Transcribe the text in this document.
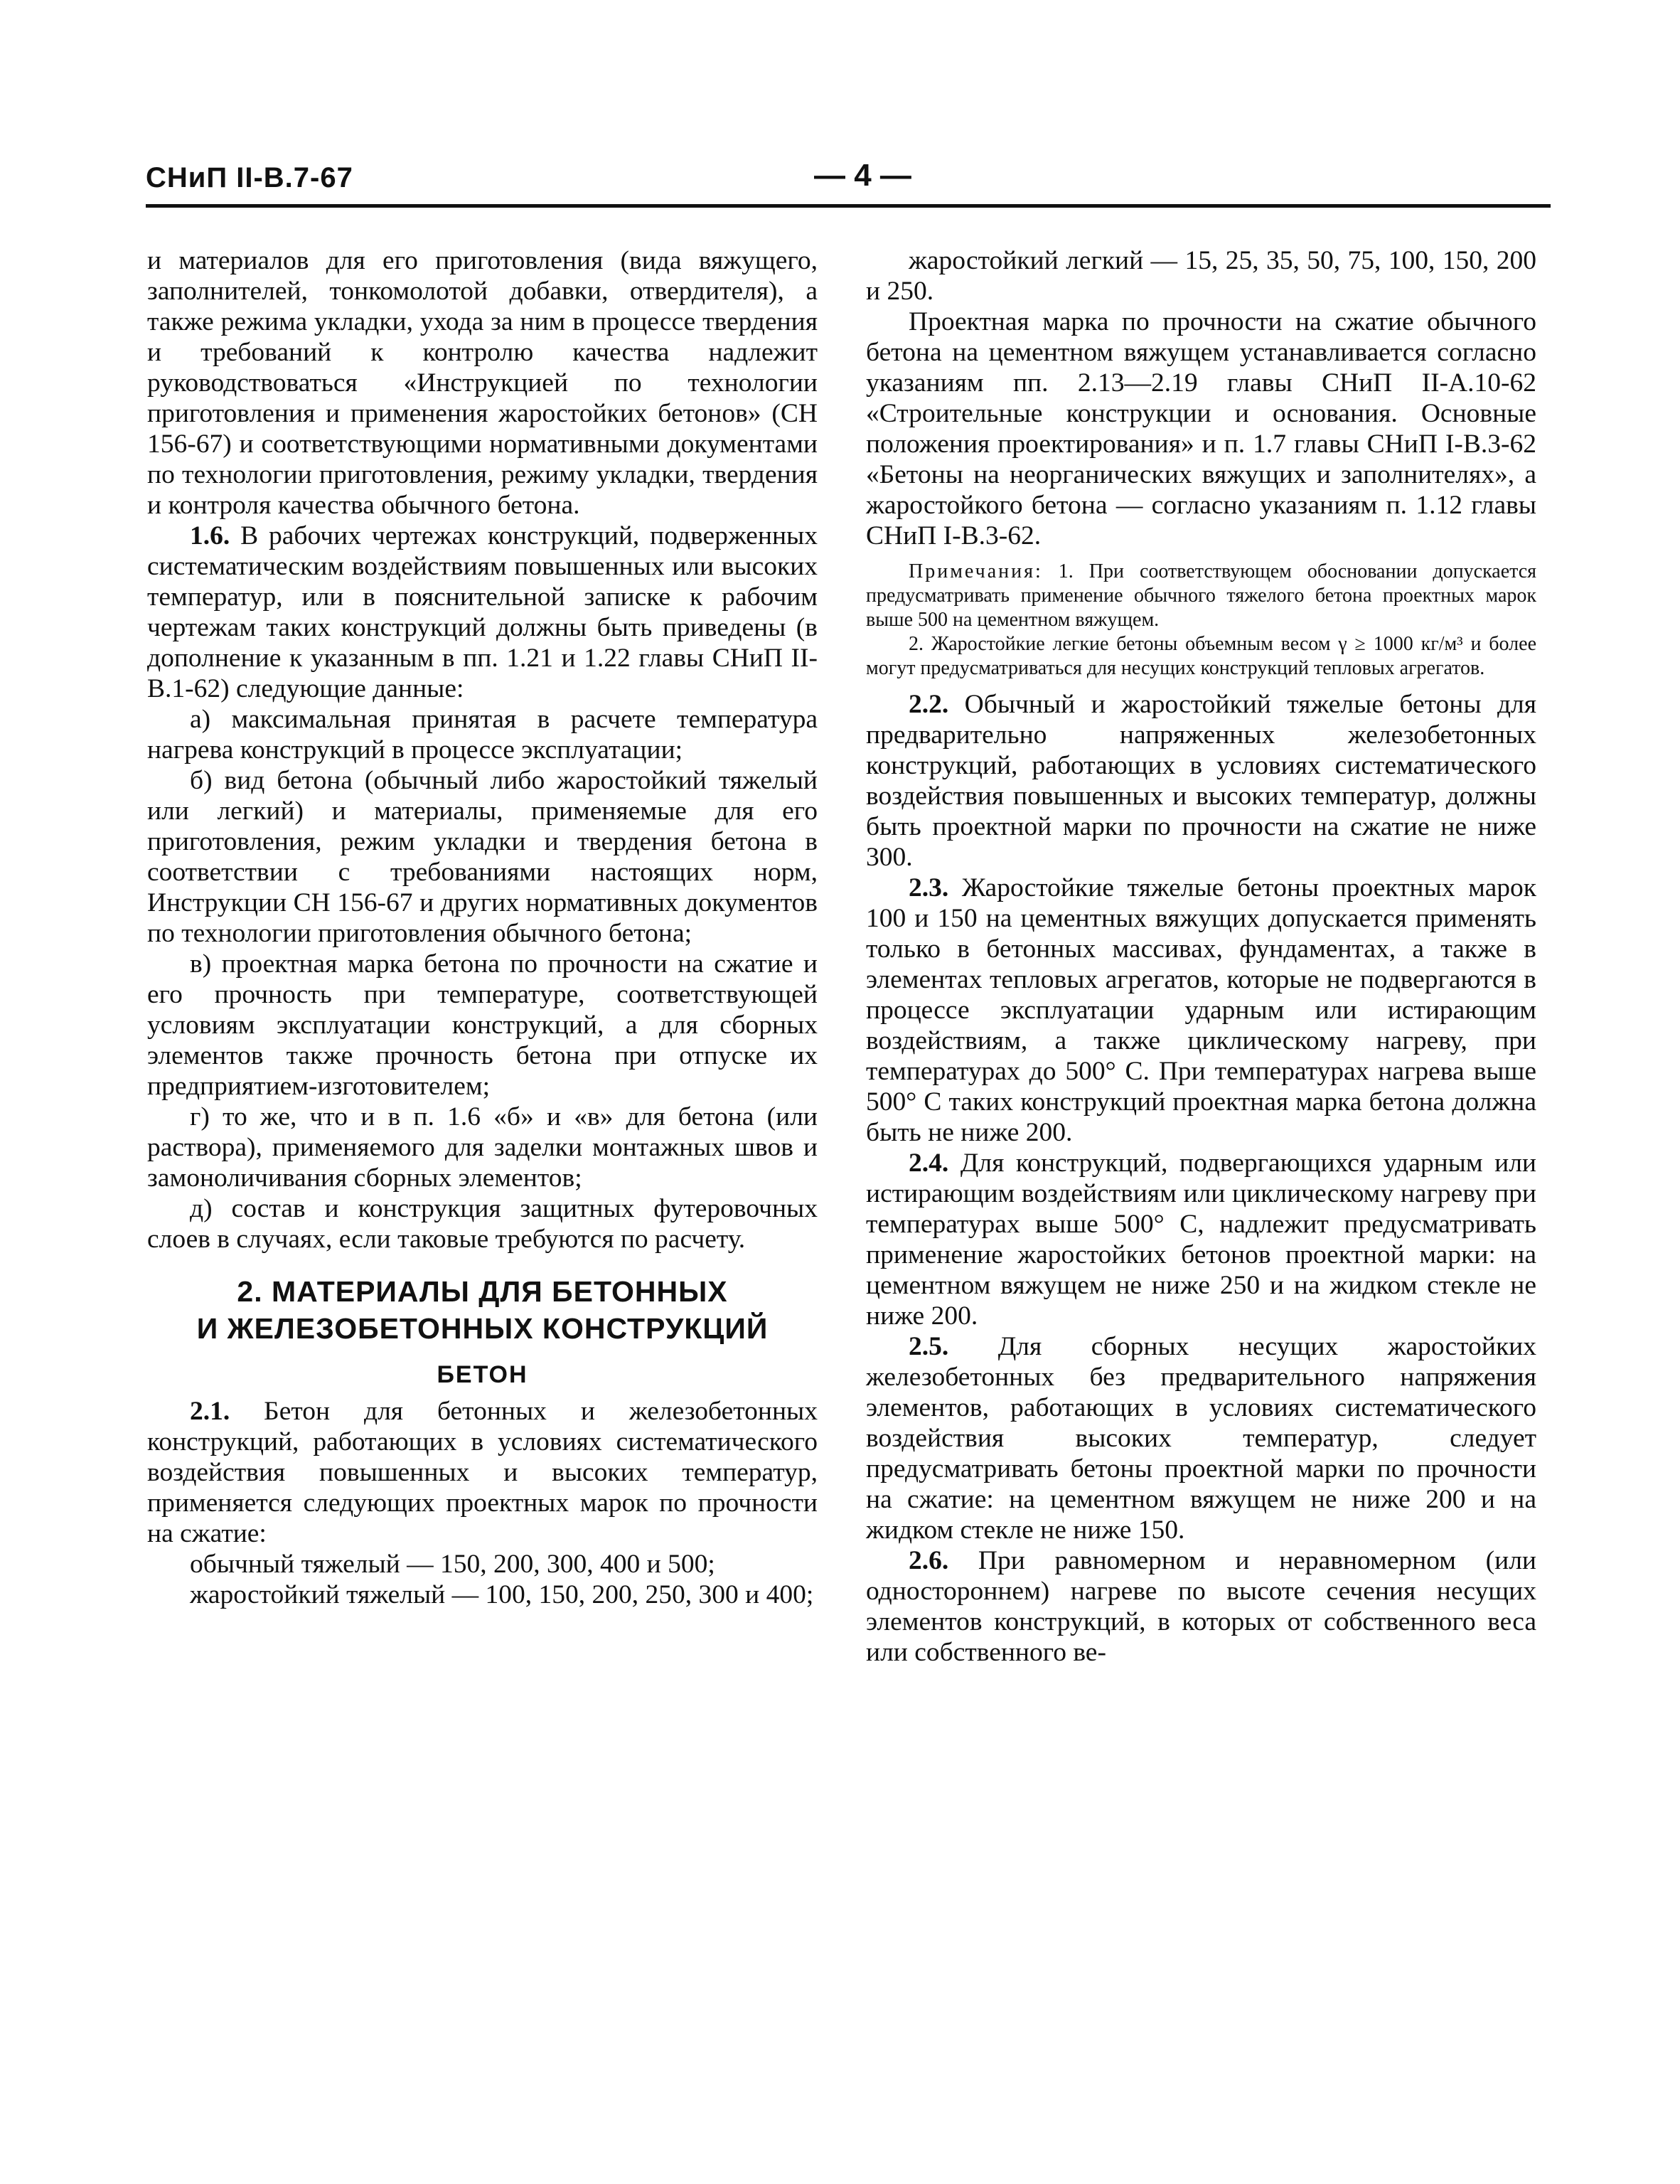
СНиП II-В.7-67	— 4 —

и материалов для его приготовления (вида вяжущего, заполнителей, тонкомолотой добавки, отвердителя), а также режима укладки, ухода за ним в процессе твердения и требований к контролю качества надлежит руководствоваться «Инструкцией по технологии приготовления и применения жаростойких бетонов» (СН 156-67) и соответствующими нормативными документами по технологии приготовления, режиму укладки, твердения и контроля качества обычного бетона.

1.6. В рабочих чертежах конструкций, подверженных систематическим воздействиям повышенных или высоких температур, или в пояснительной записке к рабочим чертежам таких конструкций должны быть приведены (в дополнение к указанным в пп. 1.21 и 1.22 главы СНиП II-В.1-62) следующие данные:

а) максимальная принятая в расчете температура нагрева конструкций в процессе эксплуатации;

б) вид бетона (обычный либо жаростойкий тяжелый или легкий) и материалы, применяемые для его приготовления, режим укладки и твердения бетона в соответствии с требованиями настоящих норм, Инструкции СН 156-67 и других нормативных документов по технологии приготовления обычного бетона;

в) проектная марка бетона по прочности на сжатие и его прочность при температуре, соответствующей условиям эксплуатации конструкций, а для сборных элементов также прочность бетона при отпуске их предприятием-изготовителем;

г) то же, что и в п. 1.6 «б» и «в» для бетона (или раствора), применяемого для заделки монтажных швов и замоноличивания сборных элементов;

д) состав и конструкция защитных футеровочных слоев в случаях, если таковые требуются по расчету.

2. МАТЕРИАЛЫ ДЛЯ БЕТОННЫХ
И ЖЕЛЕЗОБЕТОННЫХ КОНСТРУКЦИЙ

БЕТОН

2.1. Бетон для бетонных и железобетонных конструкций, работающих в условиях систематического воздействия повышенных и высоких температур, применяется следующих проектных марок по прочности на сжатие:

обычный тяжелый — 150, 200, 300, 400 и 500;

жаростойкий тяжелый — 100, 150, 200, 250, 300 и 400;

жаростойкий легкий — 15, 25, 35, 50, 75, 100, 150, 200 и 250.

Проектная марка по прочности на сжатие обычного бетона на цементном вяжущем устанавливается согласно указаниям пп. 2.13—2.19 главы СНиП II-А.10-62 «Строительные конструкции и основания. Основные положения проектирования» и п. 1.7 главы СНиП I-В.3-62 «Бетоны на неорганических вяжущих и заполнителях», а жаростойкого бетона — согласно указаниям п. 1.12 главы СНиП I-В.3-62.

Примечания: 1. При соответствующем обосновании допускается предусматривать применение обычного тяжелого бетона проектных марок выше 500 на цементном вяжущем.

2. Жаростойкие легкие бетоны объемным весом γ ≥ 1000 кг/м³ и более могут предусматриваться для несущих конструкций тепловых агрегатов.

2.2. Обычный и жаростойкий тяжелые бетоны для предварительно напряженных железобетонных конструкций, работающих в условиях систематического воздействия повышенных и высоких температур, должны быть проектной марки по прочности на сжатие не ниже 300.

2.3. Жаростойкие тяжелые бетоны проектных марок 100 и 150 на цементных вяжущих допускается применять только в бетонных массивах, фундаментах, а также в элементах тепловых агрегатов, которые не подвергаются в процессе эксплуатации ударным или истирающим воздействиям, а также циклическому нагреву, при температурах до 500° С. При температурах нагрева выше 500° С таких конструкций проектная марка бетона должна быть не ниже 200.

2.4. Для конструкций, подвергающихся ударным или истирающим воздействиям или циклическому нагреву при температурах выше 500° С, надлежит предусматривать применение жаростойких бетонов проектной марки: на цементном вяжущем не ниже 250 и на жидком стекле не ниже 200.

2.5. Для сборных несущих жаростойких железобетонных без предварительного напряжения элементов, работающих в условиях систематического воздействия высоких температур, следует предусматривать бетоны проектной марки по прочности на сжатие: на цементном вяжущем не ниже 200 и на жидком стекле не ниже 150.

2.6. При равномерном и неравномерном (или одностороннем) нагреве по высоте сечения несущих элементов конструкций, в которых от собственного веса или собственного ве-
